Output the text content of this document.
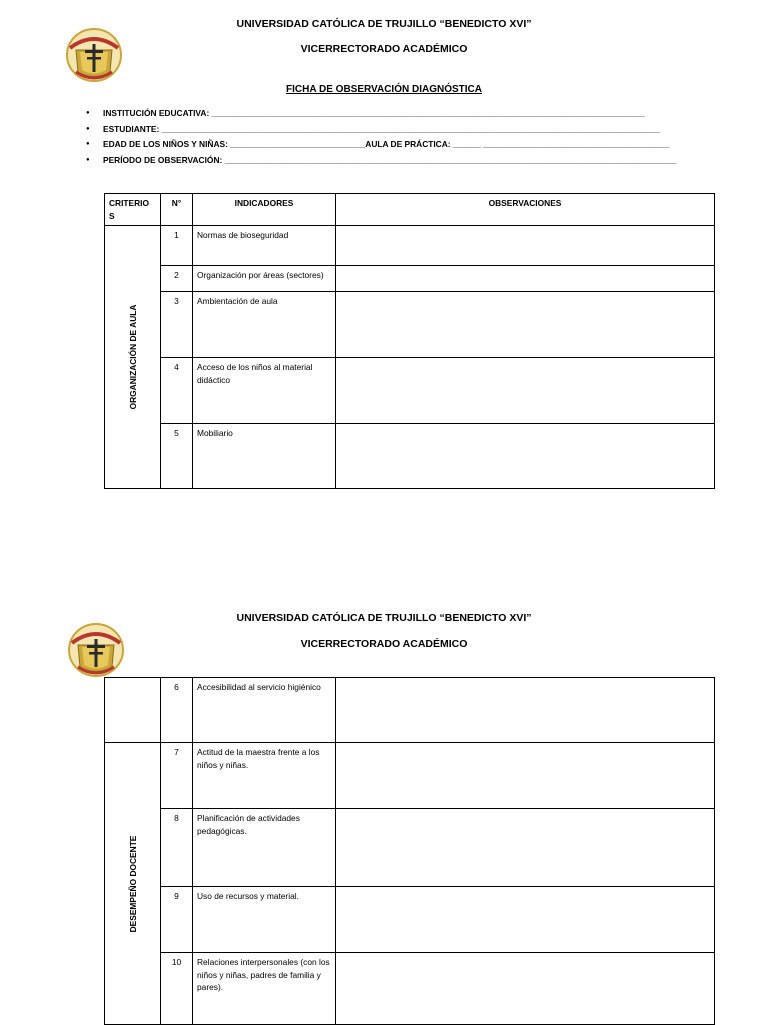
UNIVERSIDAD CATÓLICA DE TRUJILLO “BENEDICTO XVI”
VICERRECTORADO ACADÉMICO
FICHA DE OBSERVACIÓN DIAGNÓSTICA
● INSTITUCIÓN EDUCATIVA: _____________________________________________________________________________________________
● ESTUDIANTE: ___________________________________________________________________________________________________________
● EDAD DE LOS NIÑOS Y NIÑAS: _____________________________AULA DE PRÁCTICA: ______ ________________________________________
● PERÍODO DE OBSERVACIÓN: _________________________________________________________________________________________________
CRITERIO S	N°	INDICADORES	OBSERVACIONES

ORGANIZACIÓN DE AULA	1	Normas de bioseguridad	
	2	Organización por áreas (sectores)	
	3	Ambientación de aula	
	4	Acceso de los niños al material didáctico	
	5	Mobiliario	
UNIVERSIDAD CATÓLICA DE TRUJILLO “BENEDICTO XVI”
VICERRECTORADO ACADÉMICO
	6	Accesibilidad al servicio higiénico	

DESEMPEÑO DOCENTE	7	Actitud de la maestra frente a los niños y niñas.	
	8	Planificación de actividades pedagógicas.	
	9	Uso de recursos y material.	
	10	Relaciones interpersonales (con los niños y niñas, padres de familia y pares).	
